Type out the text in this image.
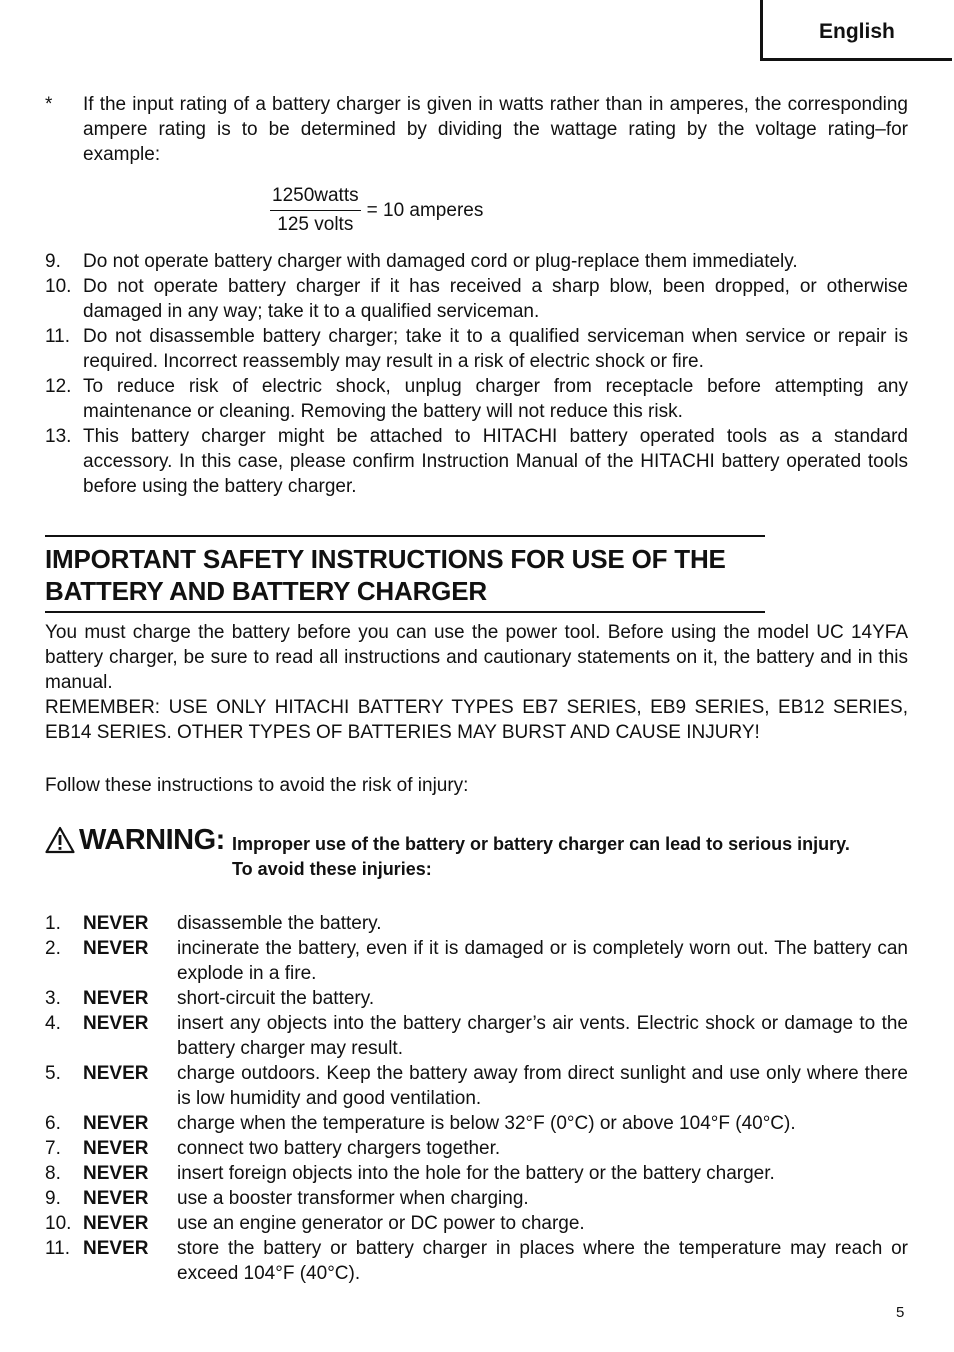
English
* If the input rating of a battery charger is given in watts rather than in amperes, the corresponding ampere rating is to be determined by dividing the wattage rating by the voltage rating–for example:
$\frac{\text{1250watts}}{\text{125 volts}} = 10$ amperes
9. Do not operate battery charger with damaged cord or plug-replace them immediately.
10. Do not operate battery charger if it has received a sharp blow, been dropped, or otherwise damaged in any way; take it to a qualified serviceman.
11. Do not disassemble battery charger; take it to a qualified serviceman when service or repair is required. Incorrect reassembly may result in a risk of electric shock or fire.
12. To reduce risk of electric shock, unplug charger from receptacle before attempting any maintenance or cleaning. Removing the battery will not reduce this risk.
13. This battery charger might be attached to HITACHI battery operated tools as a standard accessory. In this case, please confirm Instruction Manual of the HITACHI battery operated tools before using the battery charger.
IMPORTANT SAFETY INSTRUCTIONS FOR USE OF THE
BATTERY AND BATTERY CHARGER
You must charge the battery before you can use the power tool. Before using the model UC 14YFA battery charger, be sure to read all instructions and cautionary statements on it, the battery and in this manual.
REMEMBER: USE ONLY HITACHI BATTERY TYPES EB7 SERIES, EB9 SERIES, EB12 SERIES, EB14 SERIES. OTHER TYPES OF BATTERIES MAY BURST AND CAUSE INJURY!
Follow these instructions to avoid the risk of injury:
WARNING: Improper use of the battery or battery charger can lead to serious injury.
To avoid these injuries:
1. NEVER disassemble the battery.
2. NEVER incinerate the battery, even if it is damaged or is completely worn out. The battery can explode in a fire.
3. NEVER short-circuit the battery.
4. NEVER insert any objects into the battery charger’s air vents. Electric shock or damage to the battery charger may result.
5. NEVER charge outdoors. Keep the battery away from direct sunlight and use only where there is low humidity and good ventilation.
6. NEVER charge when the temperature is below 32°F (0°C) or above 104°F (40°C).
7. NEVER connect two battery chargers together.
8. NEVER insert foreign objects into the hole for the battery or the battery charger.
9. NEVER use a booster transformer when charging.
10. NEVER use an engine generator or DC power to charge.
11. NEVER store the battery or battery charger in places where the temperature may reach or exceed 104°F (40°C).
5
